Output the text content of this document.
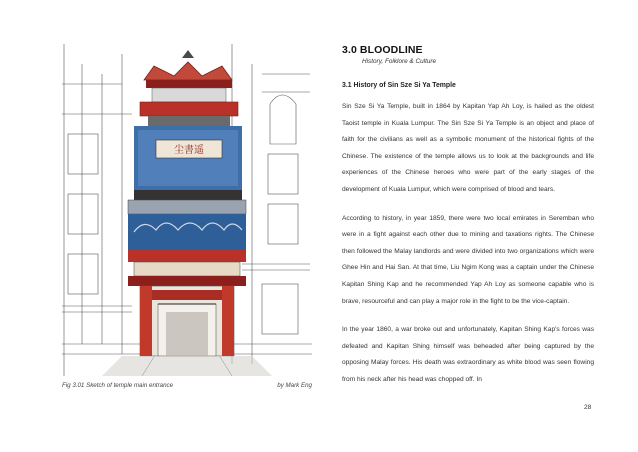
尘書遥
Fig 3.01 Sketch of temple main entrance	by Mark Eng
3.0 BLOODLINE
History, Folklore & Culture
3.1 History of Sin Sze Si Ya Temple
Sin Sze Si Ya Temple, built in 1864 by Kapitan Yap Ah Loy, is hailed as the oldest Taoist temple in Kuala Lumpur. The Sin Sze Si Ya Temple is an object and place of faith for the civilians as well as a symbolic monument of the historical fights of the Chinese. The existence of the temple allows us to look at the backgrounds and life experiences of the Chinese heroes who were part of the early stages of the development of Kuala Lumpur, which were comprised of blood and tears.
According to history, in year 1859, there were two local emirates in Seremban who were in a fight against each other due to mining and taxations rights. The Chinese then followed the Malay landlords and were divided into two organizations which were Ghee Hin and Hai San. At that time, Liu Ngim Kong was a captain under the Chinese Kapitan Shing Kap and he recommended Yap Ah Loy as someone capable who is brave, resourceful and can play a major role in the fight to be the vice-captain.
In the year 1860, a war broke out and unfortunately, Kapitan Shing Kap's forces was defeated and Kapitan Shing himself was beheaded after being captured by the opposing Malay forces. His death was extraordinary as white blood was seen flowing from his neck after his head was chopped off. In
28
